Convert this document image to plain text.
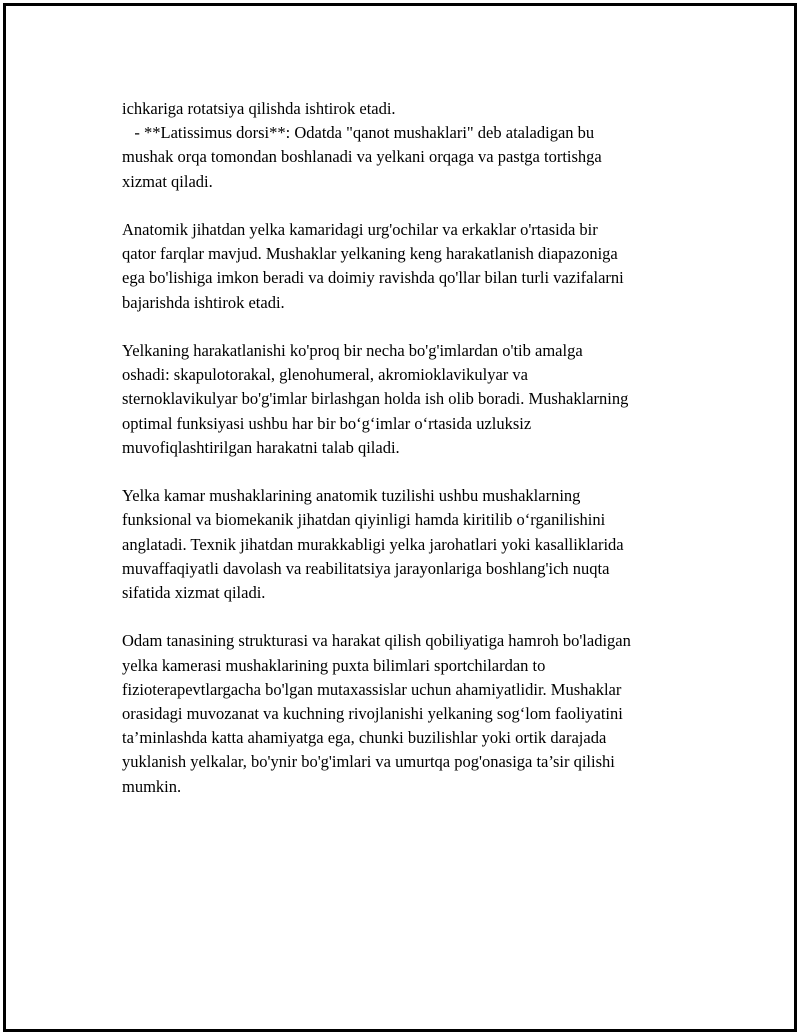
ichkariga rotatsiya qilishda ishtirok etadi.
- **Latissimus dorsi**: Odatda "qanot mushaklari" deb ataladigan bu
mushak orqa tomondan boshlanadi va yelkani orqaga va pastga tortishga
xizmat qiladi.

Anatomik jihatdan yelka kamaridagi urg'ochilar va erkaklar o'rtasida bir
qator farqlar mavjud. Mushaklar yelkaning keng harakatlanish diapazoniga
ega bo'lishiga imkon beradi va doimiy ravishda qo'llar bilan turli vazifalarni
bajarishda ishtirok etadi.

Yelkaning harakatlanishi ko'proq bir necha bo'g'imlardan o'tib amalga
oshadi: skapulotorakal, glenohumeral, akromioklavikulyar va
sternoklavikulyar bo'g'imlar birlashgan holda ish olib boradi. Mushaklarning
optimal funksiyasi ushbu har bir bo‘g‘imlar o‘rtasida uzluksiz
muvofiqlashtirilgan harakatni talab qiladi.

Yelka kamar mushaklarining anatomik tuzilishi ushbu mushaklarning
funksional va biomekanik jihatdan qiyinligi hamda kiritilib o‘rganilishini
anglatadi. Texnik jihatdan murakkabligi yelka jarohatlari yoki kasalliklarida
muvaffaqiyatli davolash va reabilitatsiya jarayonlariga boshlang'ich nuqta
sifatida xizmat qiladi.

Odam tanasining strukturasi va harakat qilish qobiliyatiga hamroh bo'ladigan
yelka kamerasi mushaklarining puxta bilimlari sportchilardan to
fizioterapevtlargacha bo'lgan mutaxassislar uchun ahamiyatlidir. Mushaklar
orasidagi muvozanat va kuchning rivojlanishi yelkaning sog‘lom faoliyatini
ta’minlashda katta ahamiyatga ega, chunki buzilishlar yoki ortik darajada
yuklanish yelkalar, bo'ynir bo'g'imlari va umurtqa pog'onasiga ta’sir qilishi
mumkin.
